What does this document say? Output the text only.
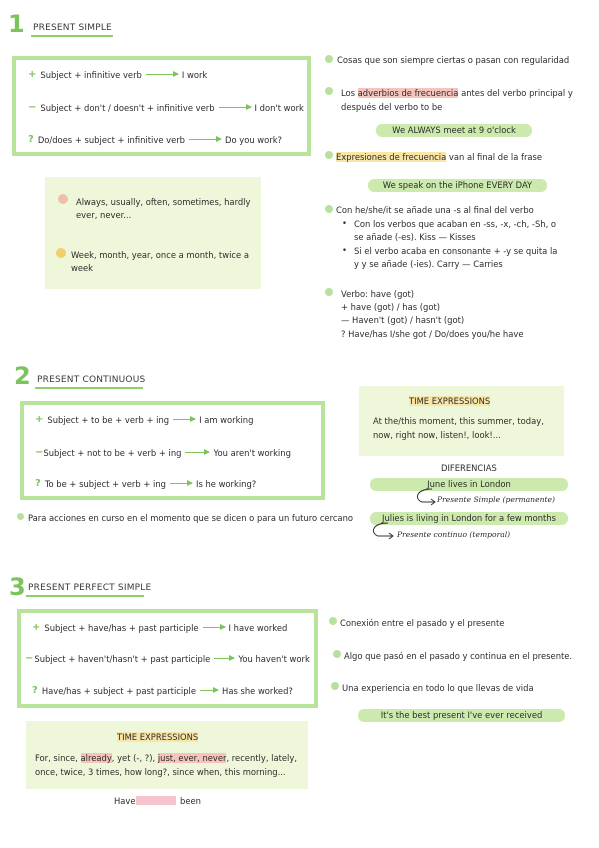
1 PRESENT SIMPLE
+ Subject + infinitive verb	I work
− Subject + don't / doesn't + infinitive verb	I don't work
? Do/does + subject + infinitive verb	Do you work?
Always, usually, often, sometimes, hardly ever, never...
Week, month, year, once a month, twice a week
Cosas que son siempre ciertas o pasan con regularidad
Los adverbios de frecuencia antes del verbo principal y
después del verbo to be
We ALWAYS meet at 9 o'clock
Expresiones de frecuencia van al final de la frase
We speak on the iPhone EVERY DAY
Con he/she/it se añade una -s al final del verbo
• Con los verbos que acaban en -ss, -x, -ch, -Sh, o
se añade (-es). Kiss — Kisses
• Si el verbo acaba en consonante + -y se quita la
y y se añade (-ies). Carry — Carries
Verbo: have (got)
+ have (got) / has (got)
— Haven't (got) / hasn't (got)
? Have/has I/she got / Do/does you/he have
2 PRESENT CONTINUOUS
+ Subject + to be + verb + ing	I am working
− Subject + not to be + verb + ing	You aren't working
? To be + subject + verb + ing	Is he working?
Para acciones en curso en el momento que se dicen o para un futuro cercano
TIME EXPRESSIONS
At the/this moment, this summer, today,
now, right now, listen!, look!...
DIFERENCIAS
June lives in London
Presente Simple (permanente)
Julies is living in London for a few months
Presente continuo (temporal)
3 PRESENT PERFECT SIMPLE
+ Subject + have/has + past participle	I have worked
− Subject + haven't/hasn't + past participle	You haven't work
? Have/has + subject + past participle	Has she worked?
Conexión entre el pasado y el presente
Algo que pasó en el pasado y continua en el presente.
Una experiencia en todo lo que llevas de vida
It's the best present I've ever received
TIME EXPRESSIONS
For, since, already, yet (-, ?), just, ever, never, recently, lately,
once, twice, 3 times, how long?, since when, this morning...
Have	been
